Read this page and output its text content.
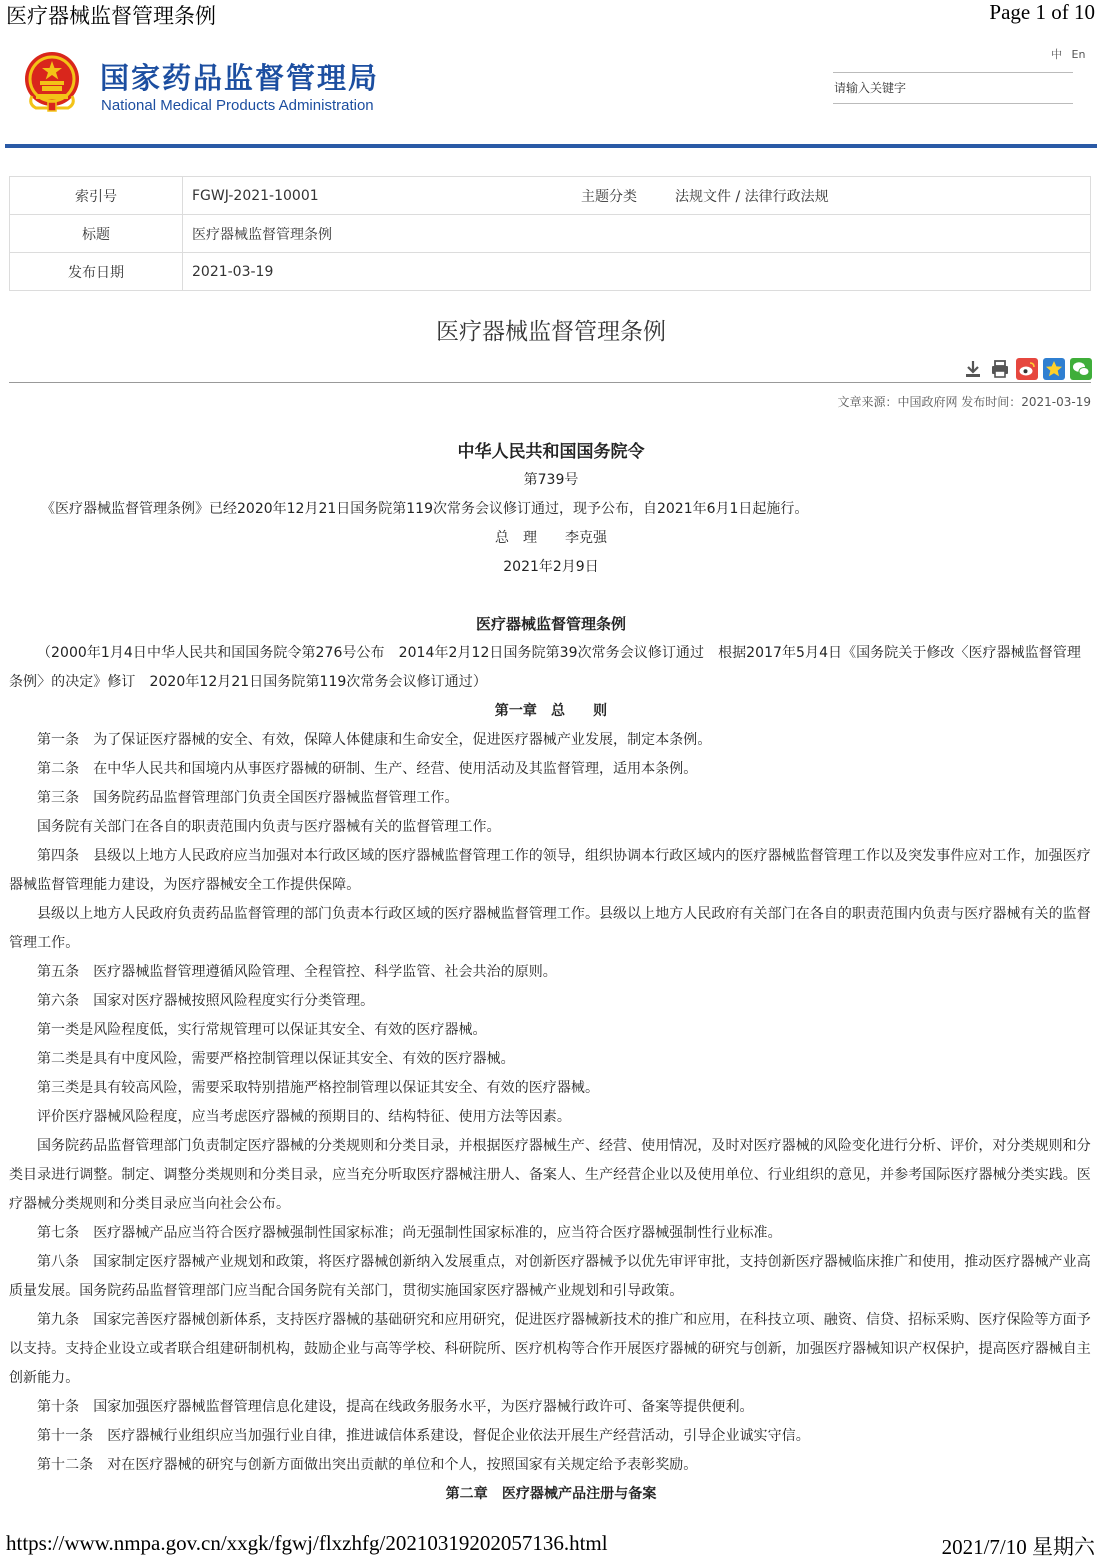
医疗器械监督管理条例	Page 1 of 10
国家药品监督管理局
National Medical Products Administration
中 En
请输入关键字
索引号	FGWJ-2021-10001	主题分类	法规文件 / 法律行政法规
标题	医疗器械监督管理条例		
发布日期	2021-03-19		
医疗器械监督管理条例
文章来源：中国政府网 发布时间：2021-03-19
中华人民共和国国务院令
第739号
《医疗器械监督管理条例》已经2020年12月21日国务院第119次常务会议修订通过，现予公布，自2021年6月1日起施行。
总　理　　李克强
2021年2月9日
医疗器械监督管理条例

（2000年1月4日中华人民共和国国务院令第276号公布　2014年2月12日国务院第39次常务会议修订通过　根据2017年5月4日《国务院关于修改〈医疗器械监督管理条例〉的决定》修订　2020年12月21日国务院第119次常务会议修订通过）

第一章　总　　则

第一条　为了保证医疗器械的安全、有效，保障人体健康和生命安全，促进医疗器械产业发展，制定本条例。

第二条　在中华人民共和国境内从事医疗器械的研制、生产、经营、使用活动及其监督管理，适用本条例。

第三条　国务院药品监督管理部门负责全国医疗器械监督管理工作。

国务院有关部门在各自的职责范围内负责与医疗器械有关的监督管理工作。

第四条　县级以上地方人民政府应当加强对本行政区域的医疗器械监督管理工作的领导，组织协调本行政区域内的医疗器械监督管理工作以及突发事件应对工作，加强医疗器械监督管理能力建设，为医疗器械安全工作提供保障。

县级以上地方人民政府负责药品监督管理的部门负责本行政区域的医疗器械监督管理工作。县级以上地方人民政府有关部门在各自的职责范围内负责与医疗器械有关的监督管理工作。

第五条　医疗器械监督管理遵循风险管理、全程管控、科学监管、社会共治的原则。

第六条　国家对医疗器械按照风险程度实行分类管理。

第一类是风险程度低，实行常规管理可以保证其安全、有效的医疗器械。

第二类是具有中度风险，需要严格控制管理以保证其安全、有效的医疗器械。

第三类是具有较高风险，需要采取特别措施严格控制管理以保证其安全、有效的医疗器械。

评价医疗器械风险程度，应当考虑医疗器械的预期目的、结构特征、使用方法等因素。

国务院药品监督管理部门负责制定医疗器械的分类规则和分类目录，并根据医疗器械生产、经营、使用情况，及时对医疗器械的风险变化进行分析、评价，对分类规则和分类目录进行调整。制定、调整分类规则和分类目录，应当充分听取医疗器械注册人、备案人、生产经营企业以及使用单位、行业组织的意见，并参考国际医疗器械分类实践。医疗器械分类规则和分类目录应当向社会公布。

第七条　医疗器械产品应当符合医疗器械强制性国家标准；尚无强制性国家标准的，应当符合医疗器械强制性行业标准。

第八条　国家制定医疗器械产业规划和政策，将医疗器械创新纳入发展重点，对创新医疗器械予以优先审评审批，支持创新医疗器械临床推广和使用，推动医疗器械产业高质量发展。国务院药品监督管理部门应当配合国务院有关部门，贯彻实施国家医疗器械产业规划和引导政策。

第九条　国家完善医疗器械创新体系，支持医疗器械的基础研究和应用研究，促进医疗器械新技术的推广和应用，在科技立项、融资、信贷、招标采购、医疗保险等方面予以支持。支持企业设立或者联合组建研制机构，鼓励企业与高等学校、科研院所、医疗机构等合作开展医疗器械的研究与创新，加强医疗器械知识产权保护，提高医疗器械自主创新能力。

第十条　国家加强医疗器械监督管理信息化建设，提高在线政务服务水平，为医疗器械行政许可、备案等提供便利。

第十一条　医疗器械行业组织应当加强行业自律，推进诚信体系建设，督促企业依法开展生产经营活动，引导企业诚实守信。

第十二条　对在医疗器械的研究与创新方面做出突出贡献的单位和个人，按照国家有关规定给予表彰奖励。

第二章　医疗器械产品注册与备案

https://www.nmpa.gov.cn/xxgk/fgwj/flxzhfg/20210319202057136.html	2021/7/10 星期六
